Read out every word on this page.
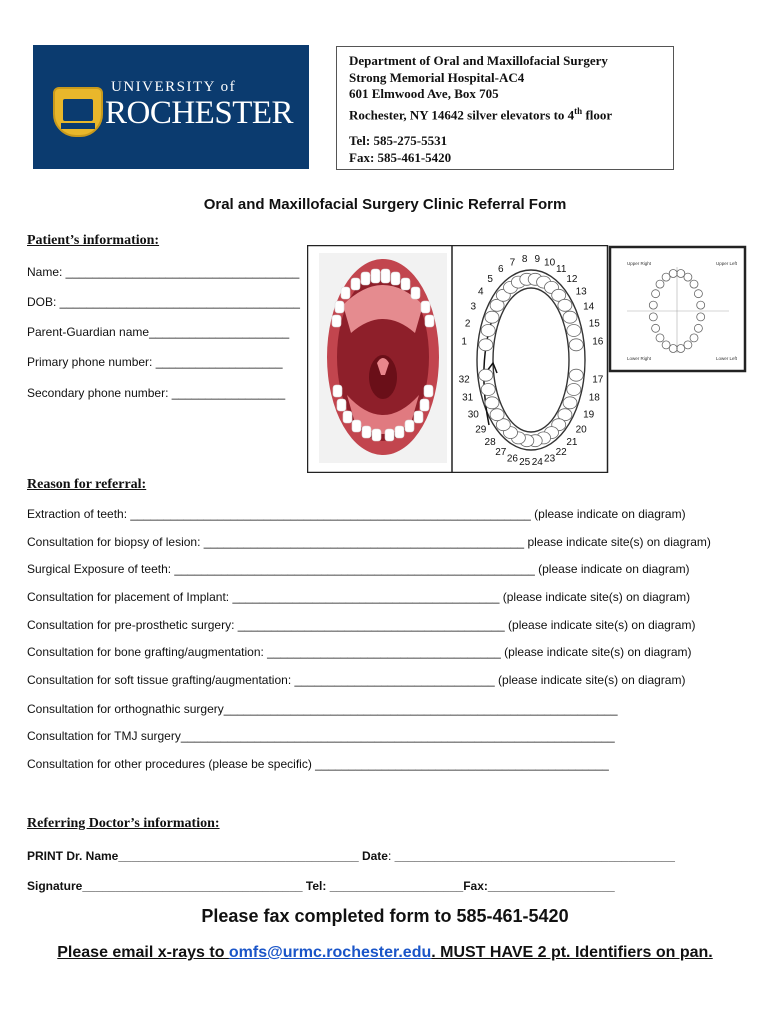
UNIVERSITY of
ROCHESTER
Department of Oral and Maxillofacial Surgery
Strong Memorial Hospital-AC4
601 Elmwood Ave, Box 705
Rochester, NY 14642 silver elevators to 4th floor
Tel: 585-275-5531
Fax: 585-461-5420
Oral and Maxillofacial Surgery Clinic Referral Form
Patient’s information:
Name: ___________________________________
DOB: ____________________________________
Parent-Guardian name_____________________
Primary phone number: ___________________
Secondary phone number: _________________
1
2
3
4
5
6
7 8 9 10
11
12
13
14
15
16
17
18
19
20
21
22
23
24
25
26
27
28
29
30
31
32
Upper Right	Upper Left
Lower Right	Lower Left
Reason for referral:
Extraction of teeth: ____________________________________________________________ (please indicate on diagram)
Consultation for biopsy of lesion: ________________________________________________ please indicate site(s) on diagram)
Surgical Exposure of teeth: ______________________________________________________ (please indicate on diagram)
Consultation for placement of Implant: ________________________________________ (please indicate site(s) on diagram)
Consultation for pre-prosthetic surgery: ________________________________________ (please indicate site(s) on diagram)
Consultation for bone grafting/augmentation: ___________________________________ (please indicate site(s) on diagram)
Consultation for soft tissue grafting/augmentation: ______________________________ (please indicate site(s) on diagram)
Consultation for orthognathic surgery___________________________________________________________
Consultation for TMJ surgery_________________________________________________________________
Consultation for other procedures (please be specific) ____________________________________________
Referring Doctor’s information:
PRINT Dr. Name____________________________________ Date: __________________________________________
Signature_________________________________ Tel: ____________________Fax:___________________
Please fax completed form to 585-461-5420
Please email x-rays to omfs@urmc.rochester.edu. MUST HAVE 2 pt. Identifiers on pan.
